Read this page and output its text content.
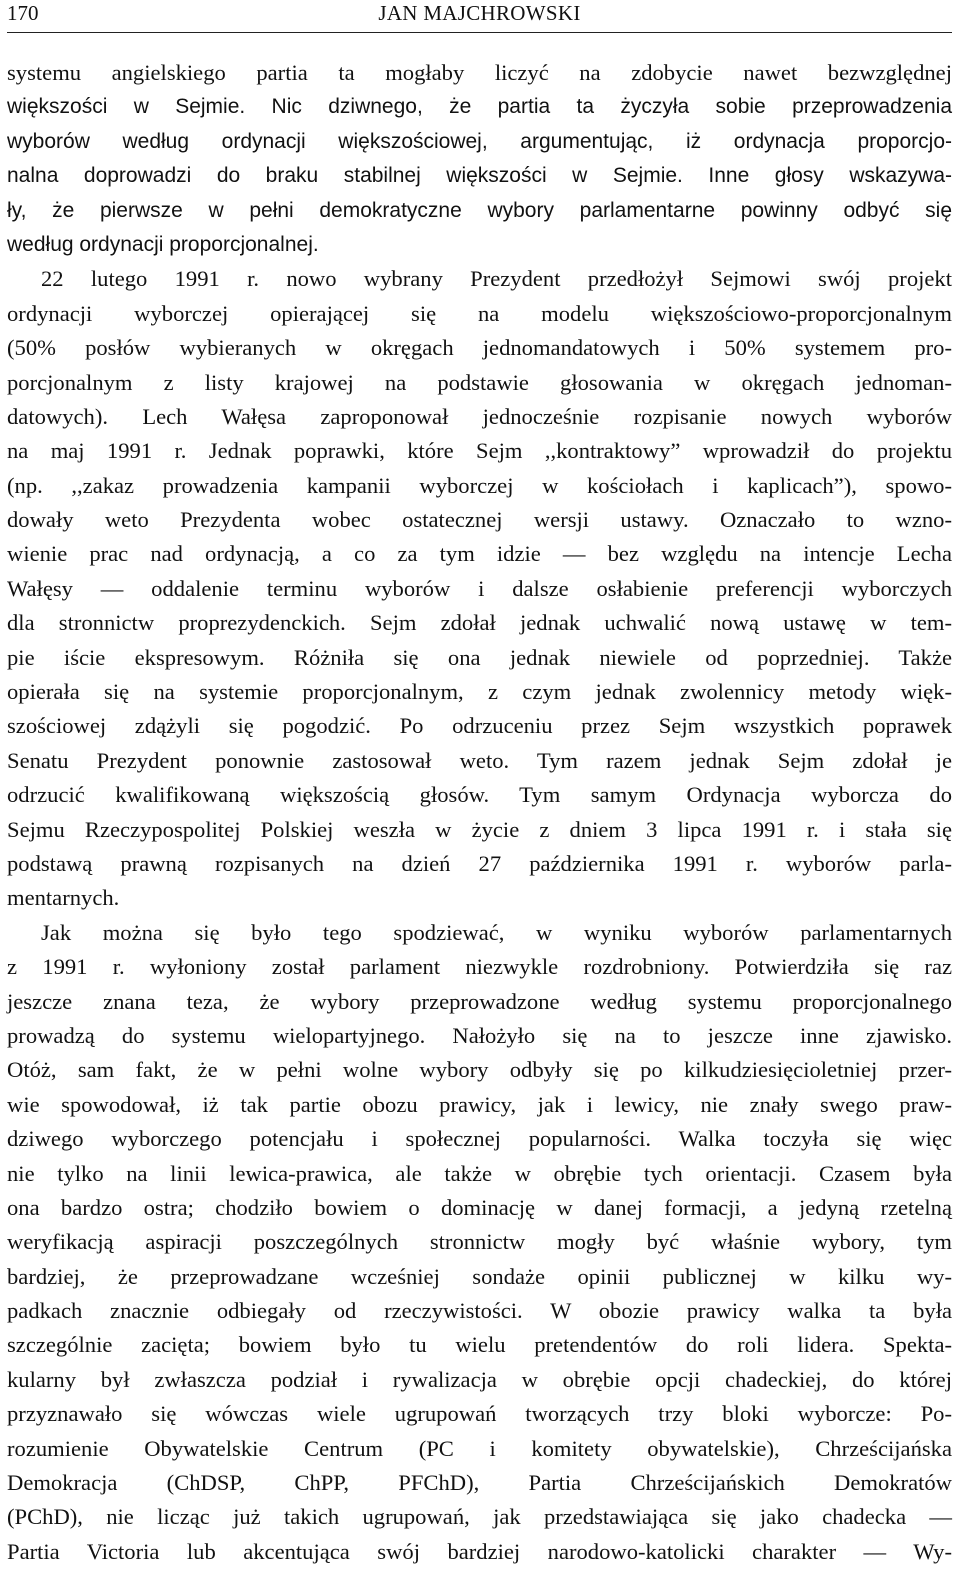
170	JAN MAJCHROWSKI
systemu angielskiego partia ta mogłaby liczyć na zdobycie nawet bezwzględnej
większości w Sejmie. Nic dziwnego, że partia ta życzyła sobie przeprowadzenia
wyborów według ordynacji większościowej, argumentując, iż ordynacja proporcjo-
nalna doprowadzi do braku stabilnej większości w Sejmie. Inne głosy wskazywa-
ły, że pierwsze w pełni demokratyczne wybory parlamentarne powinny odbyć się
według ordynacji proporcjonalnej.
22 lutego 1991 r. nowo wybrany Prezydent przedłożył Sejmowi swój projekt
ordynacji wyborczej opierającej się na modelu większościowo-proporcjonalnym
(50% posłów wybieranych w okręgach jednomandatowych i 50% systemem pro-
porcjonalnym z listy krajowej na podstawie głosowania w okręgach jednoman-
datowych). Lech Wałęsa zaproponował jednocześnie rozpisanie nowych wyborów
na maj 1991 r. Jednak poprawki, które Sejm ,,kontraktowy” wprowadził do projektu
(np. ,,zakaz prowadzenia kampanii wyborczej w kościołach i kaplicach”), spowo-
dowały weto Prezydenta wobec ostatecznej wersji ustawy. Oznaczało to wzno-
wienie prac nad ordynacją, a co za tym idzie — bez względu na intencje Lecha
Wałęsy — oddalenie terminu wyborów i dalsze osłabienie preferencji wyborczych
dla stronnictw proprezydenckich. Sejm zdołał jednak uchwalić nową ustawę w tem-
pie iście ekspresowym. Różniła się ona jednak niewiele od poprzedniej. Także
opierała się na systemie proporcjonalnym, z czym jednak zwolennicy metody więk-
szościowej zdążyli się pogodzić. Po odrzuceniu przez Sejm wszystkich poprawek
Senatu Prezydent ponownie zastosował weto. Tym razem jednak Sejm zdołał je
odrzucić kwalifikowaną większością głosów. Tym samym Ordynacja wyborcza do
Sejmu Rzeczypospolitej Polskiej weszła w życie z dniem 3 lipca 1991 r. i stała się
podstawą prawną rozpisanych na dzień 27 października 1991 r. wyborów parla-
mentarnych.
Jak można się było tego spodziewać, w wyniku wyborów parlamentarnych
z 1991 r. wyłoniony został parlament niezwykle rozdrobniony. Potwierdziła się raz
jeszcze znana teza, że wybory przeprowadzone według systemu proporcjonalnego
prowadzą do systemu wielopartyjnego. Nałożyło się na to jeszcze inne zjawisko.
Otóż, sam fakt, że w pełni wolne wybory odbyły się po kilkudziesięcioletniej przer-
wie spowodował, iż tak partie obozu prawicy, jak i lewicy, nie znały swego praw-
dziwego wyborczego potencjału i społecznej popularności. Walka toczyła się więc
nie tylko na linii lewica-prawica, ale także w obrębie tych orientacji. Czasem była
ona bardzo ostra; chodziło bowiem o dominację w danej formacji, a jedyną rzetelną
weryfikacją aspiracji poszczególnych stronnictw mogły być właśnie wybory, tym
bardziej, że przeprowadzane wcześniej sondaże opinii publicznej w kilku wy-
padkach znacznie odbiegały od rzeczywistości. W obozie prawicy walka ta była
szczególnie zacięta; bowiem było tu wielu pretendentów do roli lidera. Spekta-
kularny był zwłaszcza podział i rywalizacja w obrębie opcji chadeckiej, do której
przyznawało się wówczas wiele ugrupowań tworzących trzy bloki wyborcze: Po-
rozumienie Obywatelskie Centrum (PC i komitety obywatelskie), Chrześcijańska
Demokracja (ChDSP, ChPP, PFChD), Partia Chrześcijańskich Demokratów
(PChD), nie licząc już takich ugrupowań, jak przedstawiająca się jako chadecka —
Partia Victoria lub akcentująca swój bardziej narodowo-katolicki charakter — Wy-
